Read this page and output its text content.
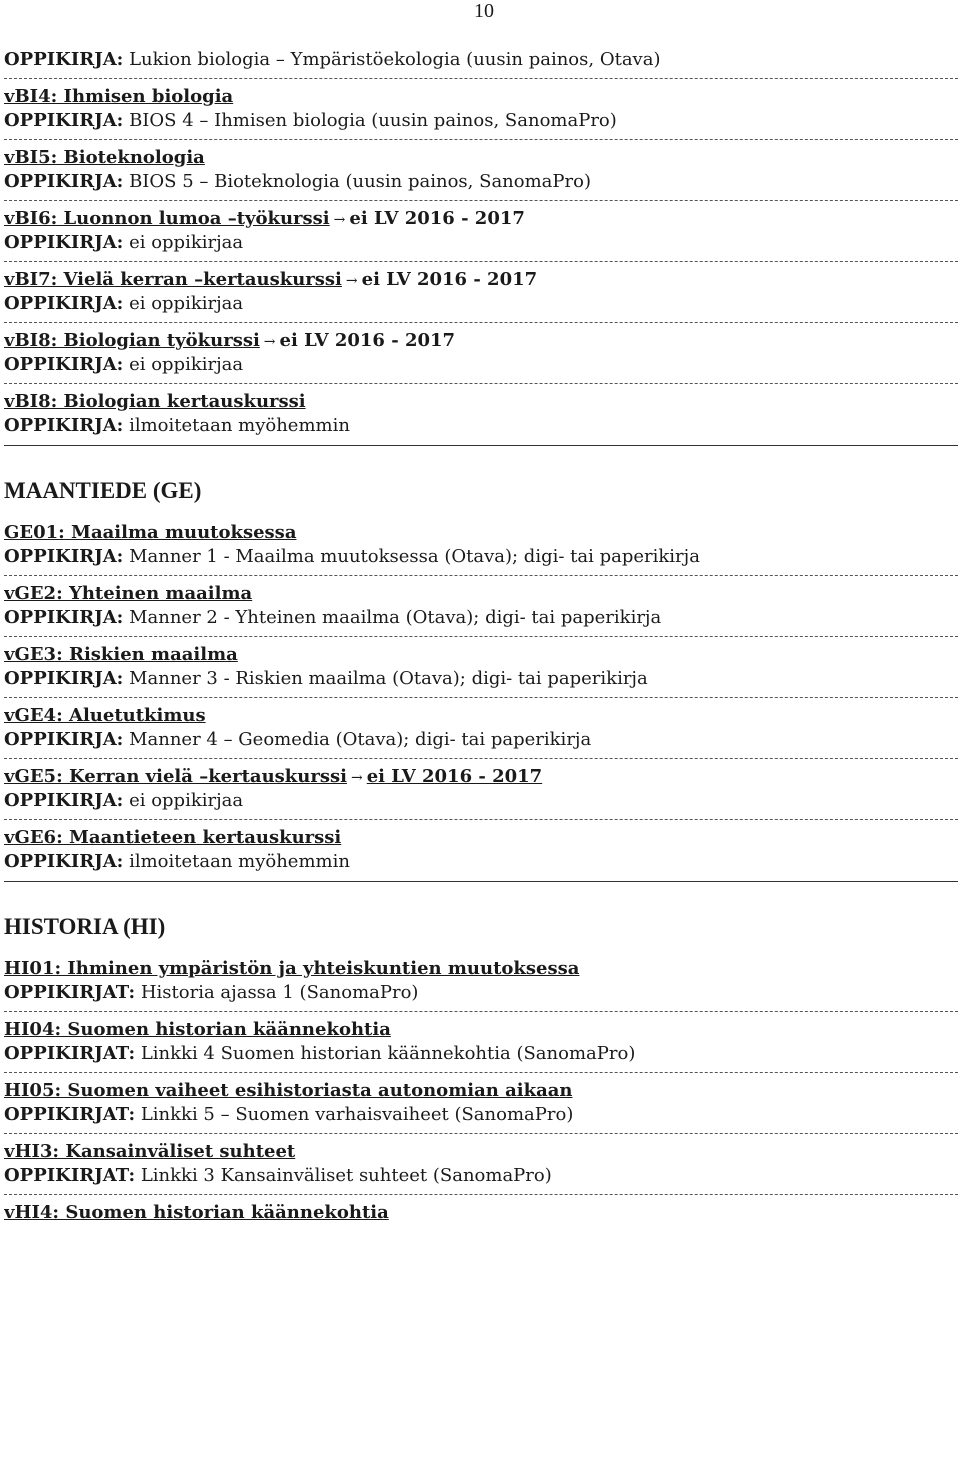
10
OPPIKIRJA: Lukion biologia – Ympäristöekologia (uusin painos, Otava)
vBI4: Ihmisen biologia
OPPIKIRJA: BIOS 4 – Ihmisen biologia (uusin painos, SanomaPro)
vBI5: Bioteknologia
OPPIKIRJA: BIOS 5 – Bioteknologia (uusin painos, SanomaPro)
vBI6: Luonnon lumoa –työkurssi → ei LV 2016 - 2017
OPPIKIRJA: ei oppikirjaa
vBI7: Vielä kerran –kertauskurssi → ei LV 2016 - 2017
OPPIKIRJA: ei oppikirjaa
vBI8: Biologian työkurssi → ei LV 2016 - 2017
OPPIKIRJA: ei oppikirjaa
vBI8: Biologian kertauskurssi
OPPIKIRJA: ilmoitetaan myöhemmin
MAANTIEDE (GE)
GE01: Maailma muutoksessa
OPPIKIRJA: Manner 1 - Maailma muutoksessa (Otava); digi- tai paperikirja
vGE2: Yhteinen maailma
OPPIKIRJA: Manner 2 - Yhteinen maailma (Otava); digi- tai paperikirja
vGE3: Riskien maailma
OPPIKIRJA: Manner 3 - Riskien maailma (Otava); digi- tai paperikirja
vGE4: Aluetutkimus
OPPIKIRJA: Manner 4 – Geomedia (Otava); digi- tai paperikirja
vGE5: Kerran vielä –kertauskurssi → ei LV 2016 - 2017
OPPIKIRJA: ei oppikirjaa
vGE6: Maantieteen kertauskurssi
OPPIKIRJA: ilmoitetaan myöhemmin
HISTORIA (HI)
HI01: Ihminen ympäristön ja yhteiskuntien muutoksessa
OPPIKIRJAT: Historia ajassa 1 (SanomaPro)
HI04: Suomen historian käännekohtia
OPPIKIRJAT: Linkki 4 Suomen historian käännekohtia (SanomaPro)
HI05: Suomen vaiheet esihistoriasta autonomian aikaan
OPPIKIRJAT: Linkki 5 – Suomen varhaisvaiheet (SanomaPro)
vHI3: Kansainväliset suhteet
OPPIKIRJAT: Linkki 3 Kansainväliset suhteet (SanomaPro)
vHI4: Suomen historian käännekohtia
